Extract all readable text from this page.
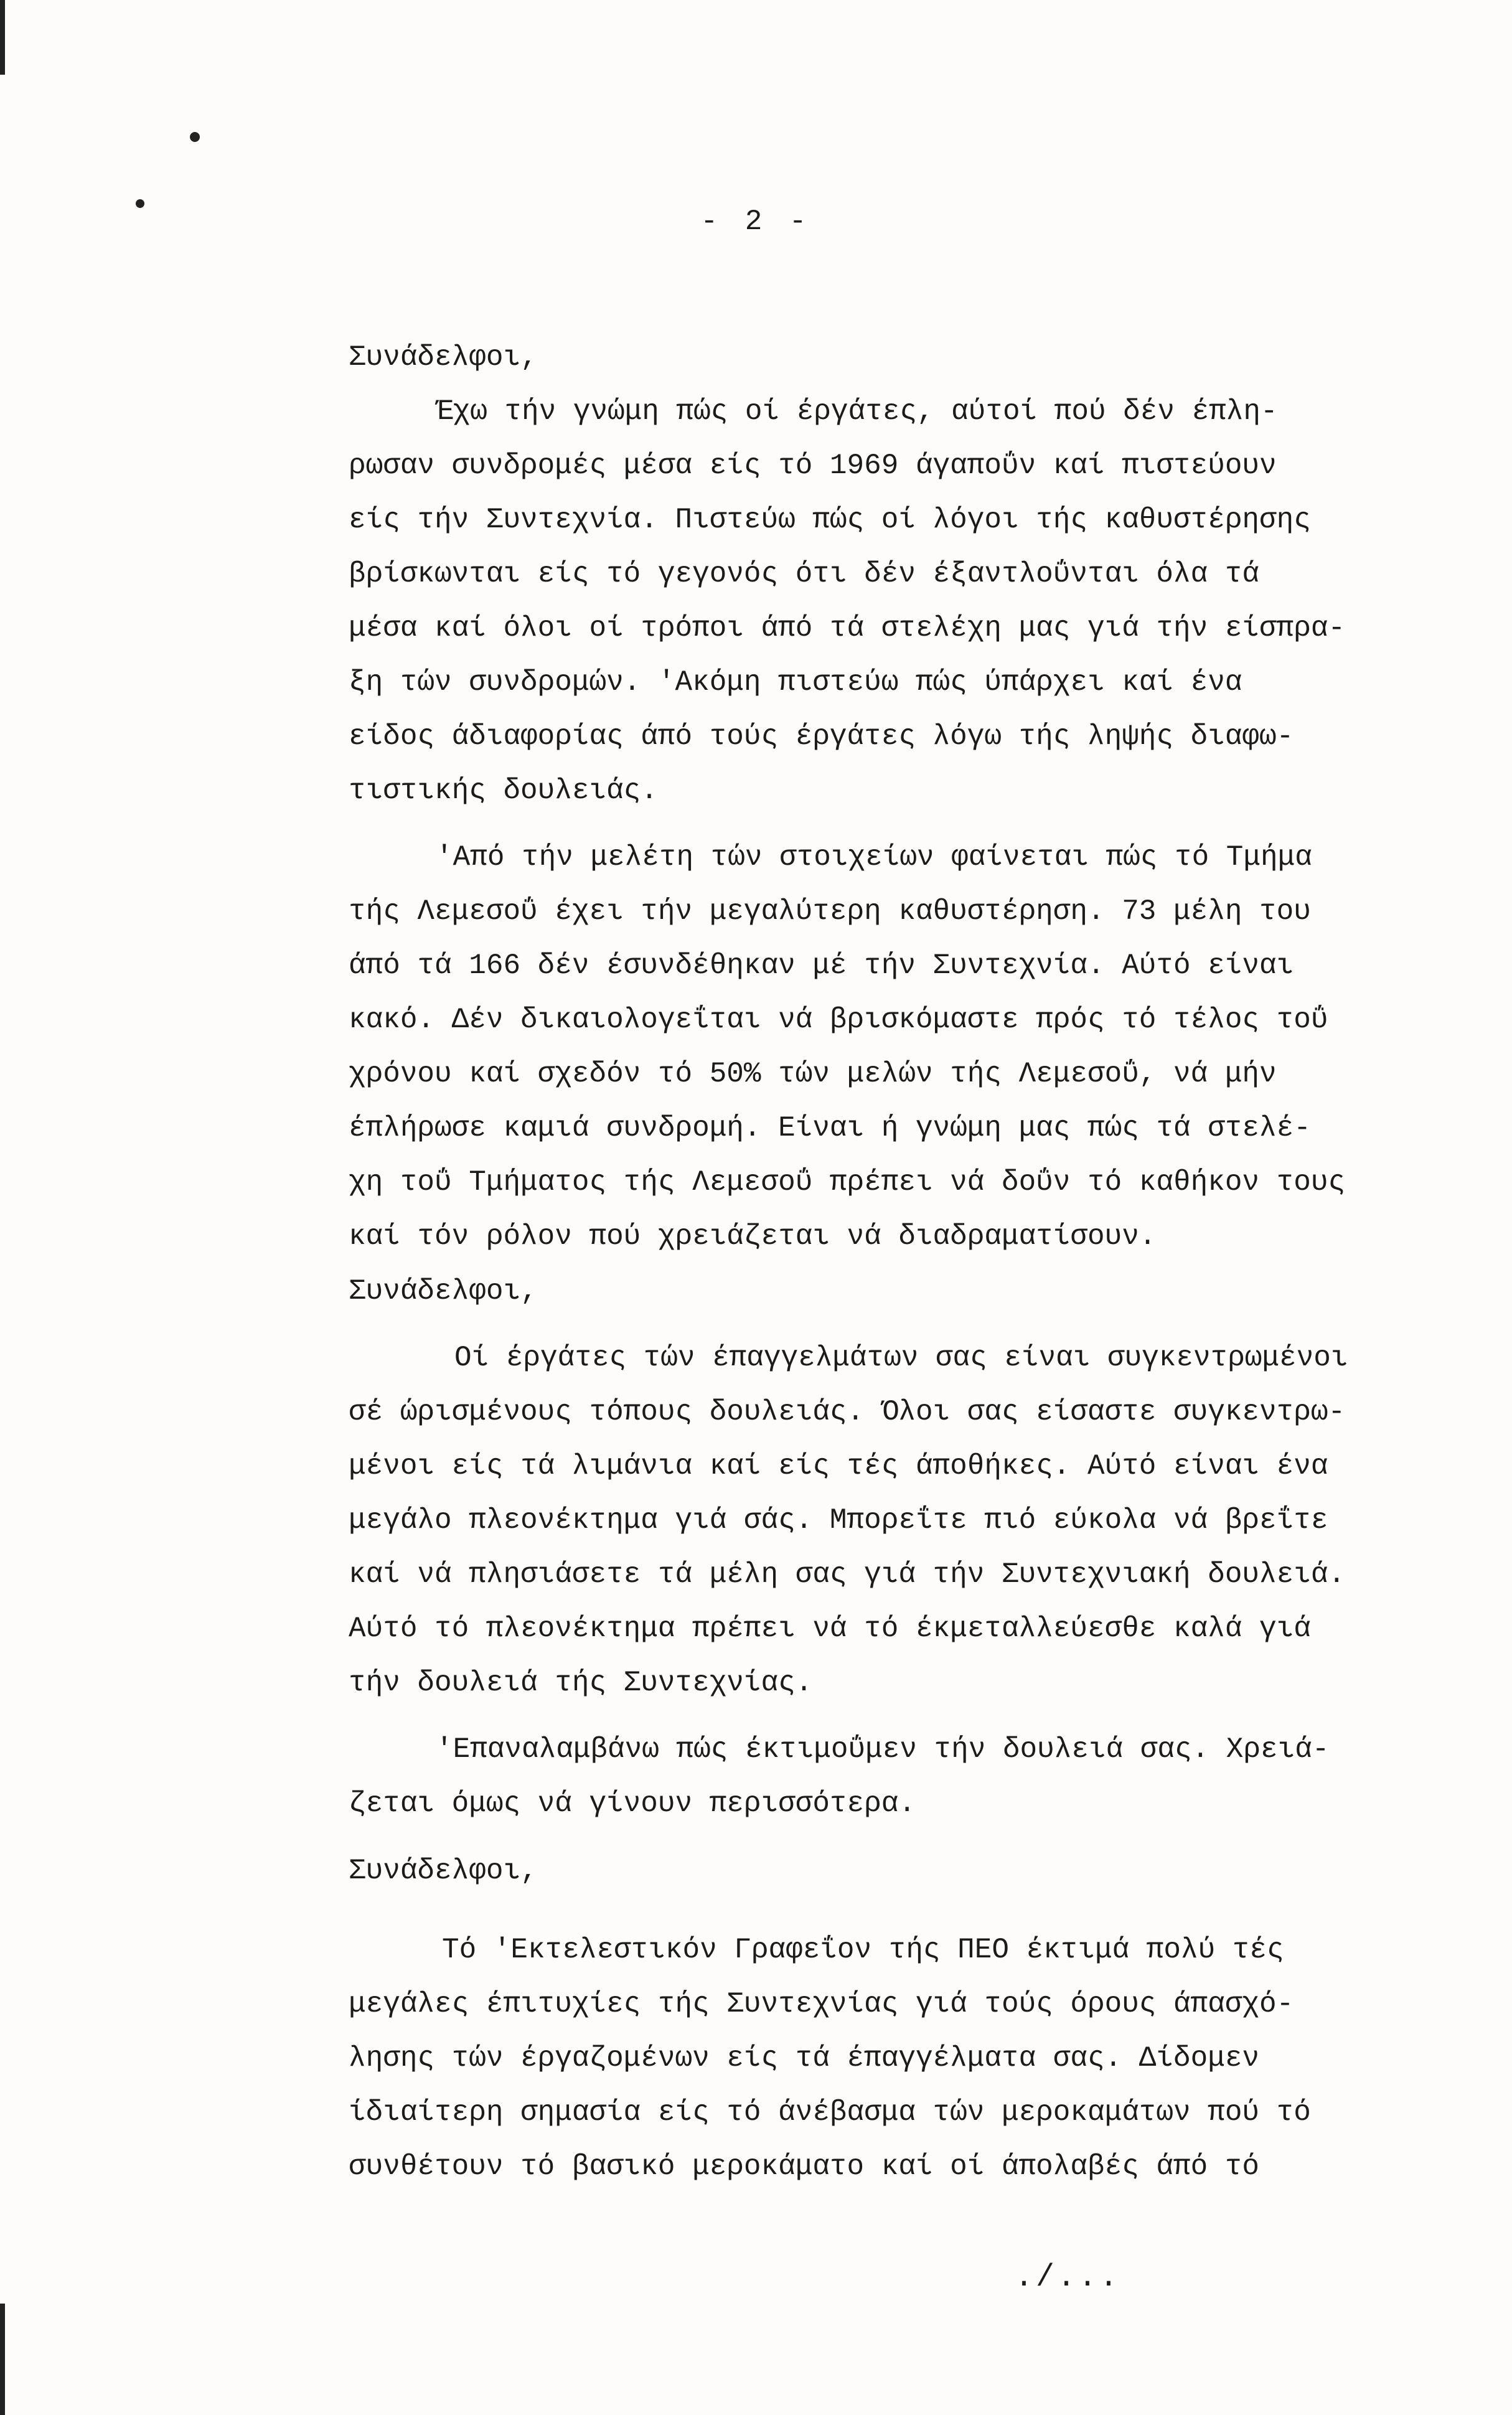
- 2 -

Συνάδελφοι,

Έχω τήν γνώμη πώς οί έργάτες, αύτοί πού δέν έπλη-
ρωσαν συνδρομές μέσα είς τό 1969 άγαποΰν καί πιστεύουν
είς τήν Συντεχνία. Πιστεύω πώς οί λόγοι τής καθυστέρησης
βρίσκωνται είς τό γεγονός ότι δέν έξαντλοΰνται όλα τά
μέσα καί όλοι οί τρόποι άπό τά στελέχη μας γιά τήν είσπρα-
ξη τών συνδρομών. 'Ακόμη πιστεύω πώς ύπάρχει καί ένα
είδος άδιαφορίας άπό τούς έργάτες λόγω τής ληψής διαφω-
τιστικής δουλειάς.
'Από τήν μελέτη τών στοιχείων φαίνεται πώς τό Τμήμα
τής Λεμεσοΰ έχει τήν μεγαλύτερη καθυστέρηση. 73 μέλη του
άπό τά 166 δέν έσυνδέθηκαν μέ τήν Συντεχνία. Αύτό είναι
κακό. Δέν δικαιολογεΐται νά βρισκόμαστε πρός τό τέλος τοΰ
χρόνου καί σχεδόν τό 50% τών μελών τής Λεμεσοΰ, νά μήν
έπλήρωσε καμιά συνδρομή. Είναι ή γνώμη μας πώς τά στελέ-
χη τοΰ Τμήματος τής Λεμεσοΰ πρέπει νά δοΰν τό καθήκον τους
καί τόν ρόλον πού χρειάζεται νά διαδραματίσουν.

Συνάδελφοι,

Οί έργάτες τών έπαγγελμάτων σας είναι συγκεντρωμένοι
σέ ώρισμένους τόπους δουλειάς. Όλοι σας είσαστε συγκεντρω-
μένοι είς τά λιμάνια καί είς τές άποθήκες. Αύτό είναι ένα
μεγάλο πλεονέκτημα γιά σάς. Μπορεΐτε πιό εύκολα νά βρεΐτε
καί νά πλησιάσετε τά μέλη σας γιά τήν Συντεχνιακή δουλειά.
Αύτό τό πλεονέκτημα πρέπει νά τό έκμεταλλεύεσθε καλά γιά
τήν δουλειά τής Συντεχνίας.
'Επαναλαμβάνω πώς έκτιμοΰμεν τήν δουλειά σας. Χρειά-
ζεται όμως νά γίνουν περισσότερα.

Συνάδελφοι,

Τό 'Εκτελεστικόν Γραφεΐον τής ΠΕΟ έκτιμά πολύ τές
μεγάλες έπιτυχίες τής Συντεχνίας γιά τούς όρους άπασχό-
λησης τών έργαζομένων είς τά έπαγγέλματα σας. Δίδομεν
ίδιαίτερη σημασία είς τό άνέβασμα τών μεροκαμάτων πού τό
συνθέτουν τό βασικό μεροκάματο καί οί άπολαβές άπό τό
./...
